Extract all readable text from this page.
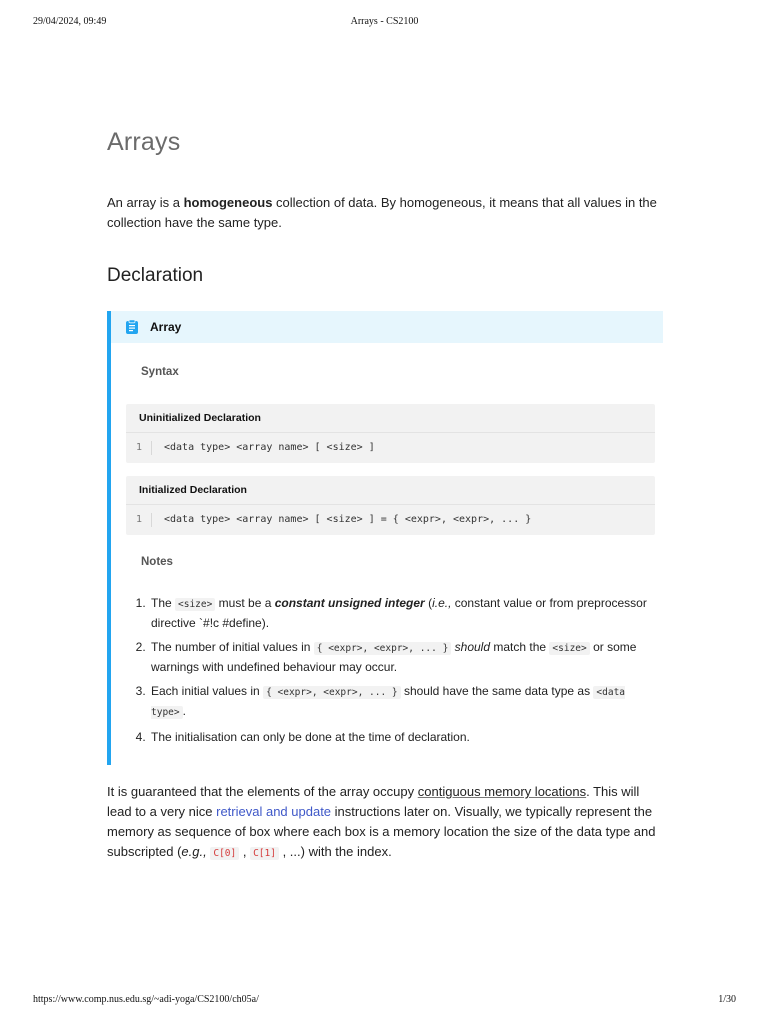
29/04/2024, 09:49	Arrays - CS2100
Arrays

An array is a homogeneous collection of data. By homogeneous, it means that all values in the collection have the same type.

Declaration
Array
Syntax
Uninitialized Declaration
1	<data type> <array name> [ <size> ]
Initialized Declaration
1	<data type> <array name> [ <size> ] = { <expr>, <expr>, ... }
Notes
1. The <size> must be a constant unsigned integer (i.e., constant value or from preprocessor directive `#!c #define).
2. The number of initial values in { <expr>, <expr>, ... } should match the <size> or some warnings with undefined behaviour may occur.
3. Each initial values in { <expr>, <expr>, ... } should have the same data type as <data type> .
4. The initialisation can only be done at the time of declaration.

It is guaranteed that the elements of the array occupy contiguous memory locations. This will lead to a very nice retrieval and update instructions later on. Visually, we typically represent the memory as sequence of box where each box is a memory location the size of the data type and subscripted (e.g., C[0] , C[1] , ...) with the index.

https://www.comp.nus.edu.sg/~adi-yoga/CS2100/ch05a/	1/30
